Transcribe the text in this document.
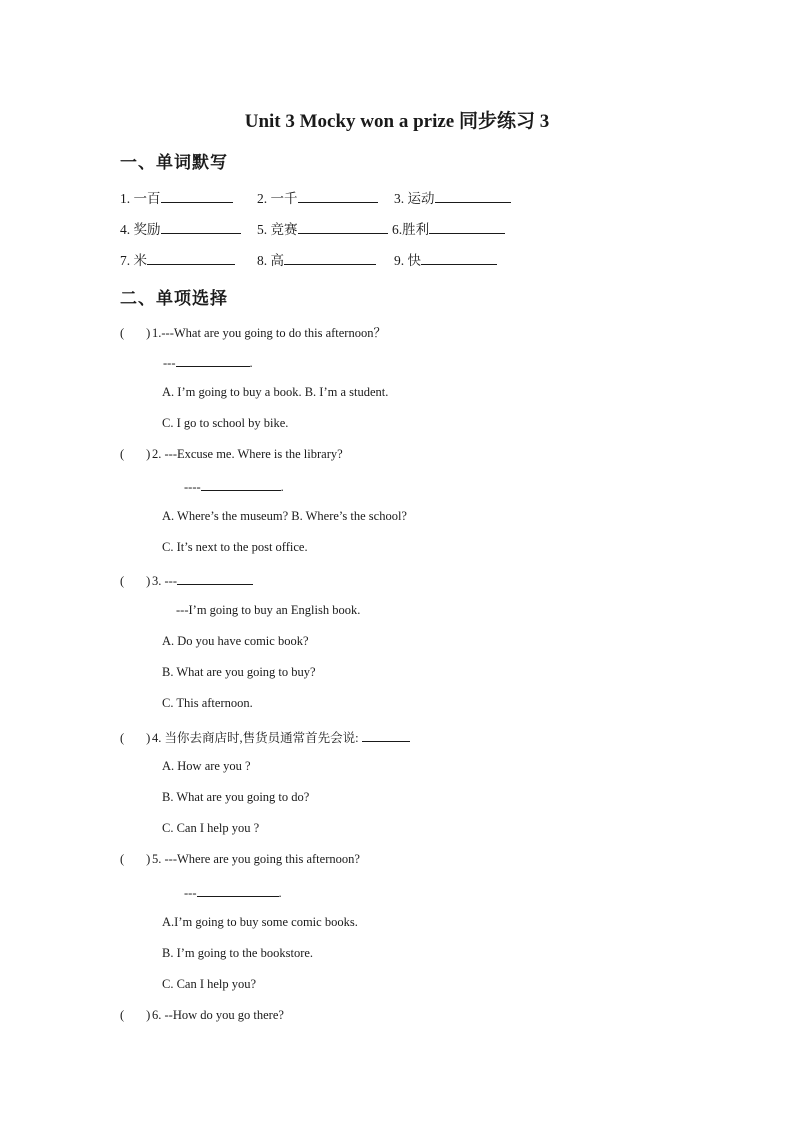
Unit 3 Mocky won a prize 同步练习 3
一、单词默写
1. 一百	2. 一千	3. 运动
4. 奖励	5. 竞赛	6.胜利
7. 米	8. 高	9. 快
二、单项选择
( ) 1.---What are you going to do this afternoon？
---	.
A. I’m going to buy a book. B. I’m a student.
C. I go to school by bike.
( ) 2. ---Excuse me. Where is the library?
----	.
A. Where’s the museum? B. Where’s the school?
C. It’s next to the post office.
( ) 3. ---
---I’m going to buy an English book.
A. Do you have comic book?
B. What are you going to buy?
C. This afternoon.
( ) 4. 当你去商店时,售货员通常首先会说:
A. How are you ?
B. What are you going to do?
C. Can I help you ?
( ) 5. ---Where are you going this afternoon?
---	.
A.I’m going to buy some comic books.
B. I’m going to the bookstore.
C. Can I help you?
( ) 6. --How do you go there?
